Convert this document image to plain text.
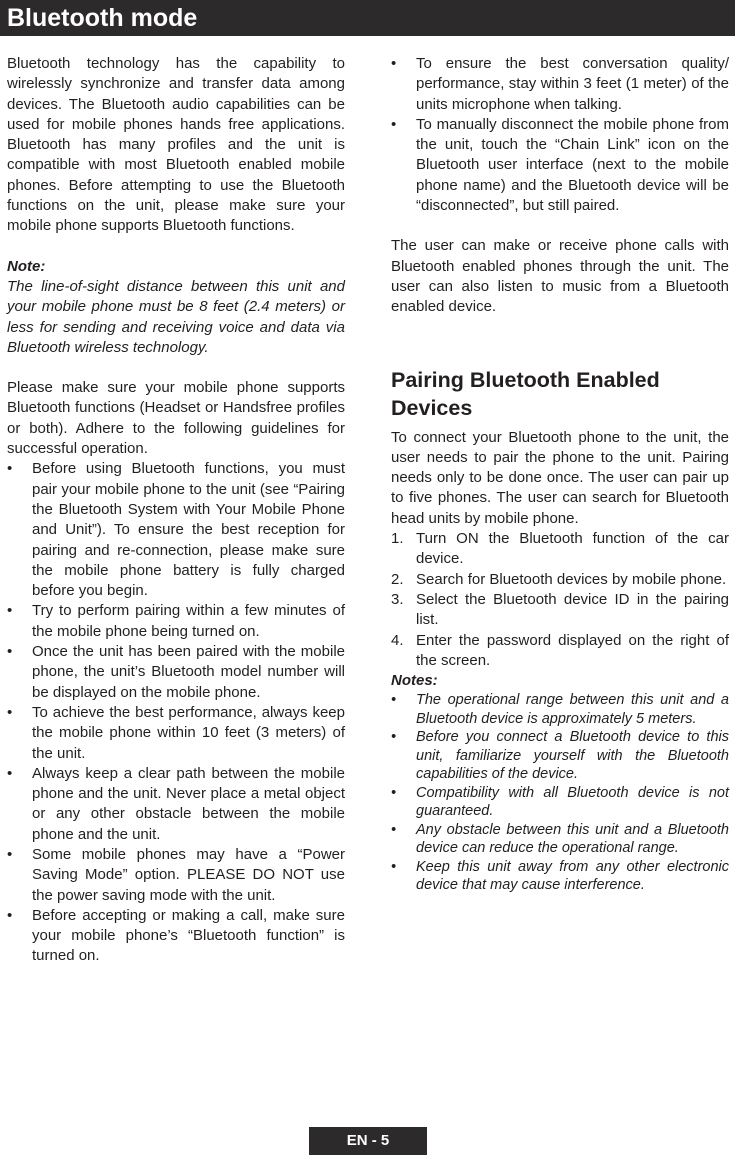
Bluetooth mode

Bluetooth technology has the capability to wirelessly synchronize and transfer data among devices. The Bluetooth audio capabilities can be used for mobile phones hands free applications. Bluetooth has many profiles and the unit is compatible with most Bluetooth enabled mobile phones. Before attempting to use the Bluetooth functions on the unit, please make sure your mobile phone supports Bluetooth functions.

Note:

The line-of-sight distance between this unit and your mobile phone must be 8 feet (2.4 meters) or less for sending and receiving voice and data via Bluetooth wireless technology.

Please make sure your mobile phone supports Bluetooth functions (Headset or Handsfree profiles or both). Adhere to the following guidelines for successful operation.

• Before using Bluetooth functions, you must pair your mobile phone to the unit (see “Pairing the Bluetooth System with Your Mobile Phone and Unit”). To ensure the best reception for pairing and re-connection, please make sure the mobile phone battery is fully charged before you begin.
• Try to perform pairing within a few minutes of the mobile phone being turned on.
• Once the unit has been paired with the mobile phone, the unit’s Bluetooth model number will be displayed on the mobile phone.
• To achieve the best performance, always keep the mobile phone within 10 feet (3 meters) of the unit.
• Always keep a clear path between the mobile phone and the unit. Never place a metal object or any other obstacle between the mobile phone and the unit.
• Some mobile phones may have a “Power Saving Mode” option. PLEASE DO NOT use the power saving mode with the unit.
• Before accepting or making a call, make sure your mobile phone’s “Bluetooth function” is turned on.
• To ensure the best conversation quality/ performance, stay within 3 feet (1 meter) of the units microphone when talking.
• To manually disconnect the mobile phone from the unit, touch the “Chain Link” icon on the Bluetooth user interface (next to the mobile phone name) and the Bluetooth device will be “disconnected”, but still paired.

The user can make or receive phone calls with Bluetooth enabled phones through the unit. The user can also listen to music from a Bluetooth enabled device.

Pairing Bluetooth Enabled Devices

To connect your Bluetooth phone to the unit, the user needs to pair the phone to the unit. Pairing needs only to be done once. The user can pair up to five phones. The user can search for Bluetooth head units by mobile phone.

1. Turn ON the Bluetooth function of the car device.
2. Search for Bluetooth devices by mobile phone.
3. Select the Bluetooth device ID in the pairing list.
4. Enter the password displayed on the right of the screen.

Notes:

• The operational range between this unit and a Bluetooth device is approximately 5 meters.
• Before you connect a Bluetooth device to this unit, familiarize yourself with the Bluetooth capabilities of the device.
• Compatibility with all Bluetooth device is not guaranteed.
• Any obstacle between this unit and a Bluetooth device can reduce the operational range.
• Keep this unit away from any other electronic device that may cause interference.
EN - 5
